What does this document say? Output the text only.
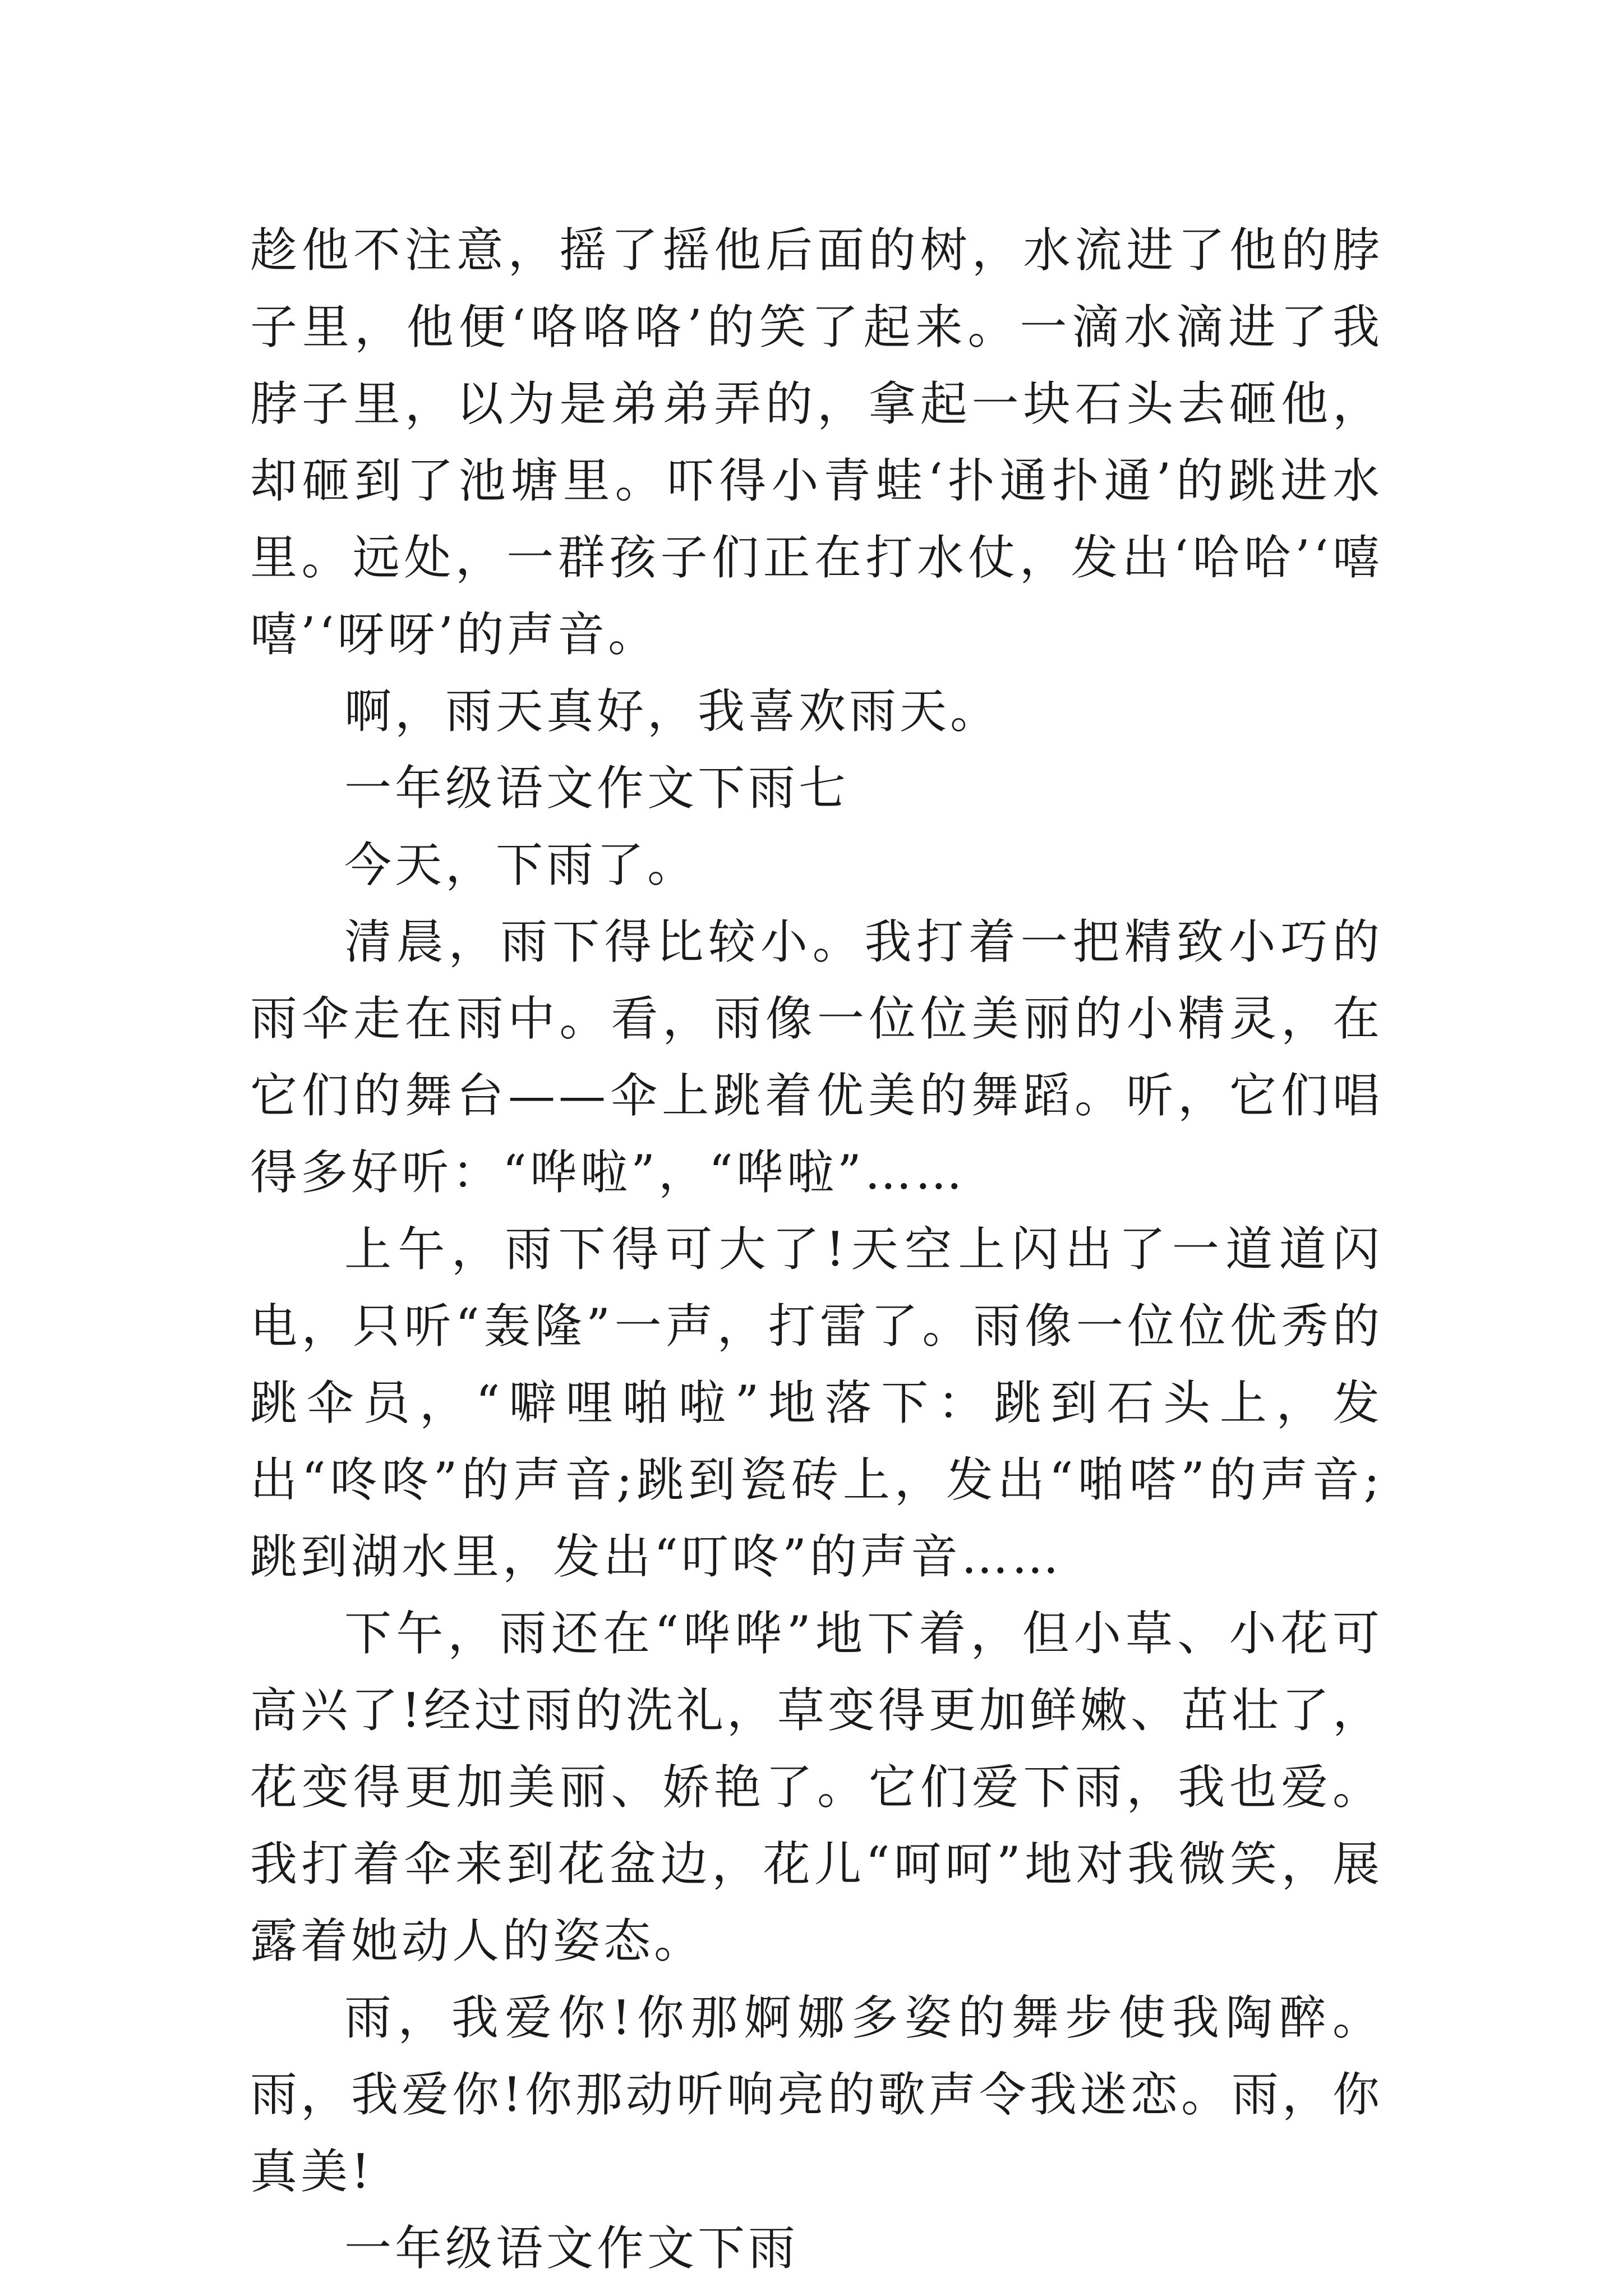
趁他不注意，摇了摇他后面的树，水流进了他的脖子里，他便‘咯咯咯’的笑了起来。一滴水滴进了我脖子里，以为是弟弟弄的，拿起一块石头去砸他，却砸到了池塘里。吓得小青蛙‘扑通扑通’的跳进水里。远处，一群孩子们正在打水仗，发出‘哈哈’‘嘻嘻’‘呀呀’的声音。

啊，雨天真好，我喜欢雨天。

一年级语文作文下雨七

今天，下雨了。

清晨，雨下得比较小。我打着一把精致小巧的雨伞走在雨中。看，雨像一位位美丽的小精灵，在它们的舞台——伞上跳着优美的舞蹈。听，它们唱得多好听：“哗啦”，“哗啦”……

上午，雨下得可大了!天空上闪出了一道道闪电，只听“轰隆”一声，打雷了。雨像一位位优秀的跳伞员，“噼哩啪啦”地落下：跳到石头上，发出“咚咚”的声音;跳到瓷砖上，发出“啪嗒”的声音;跳到湖水里，发出“叮咚”的声音……

下午，雨还在“哗哗”地下着，但小草、小花可高兴了!经过雨的洗礼，草变得更加鲜嫩、茁壮了，花变得更加美丽、娇艳了。它们爱下雨，我也爱。我打着伞来到花盆边，花儿“呵呵”地对我微笑，展露着她动人的姿态。

雨，我爱你!你那婀娜多姿的舞步使我陶醉。雨，我爱你!你那动听响亮的歌声令我迷恋。雨，你真美!

一年级语文作文下雨
